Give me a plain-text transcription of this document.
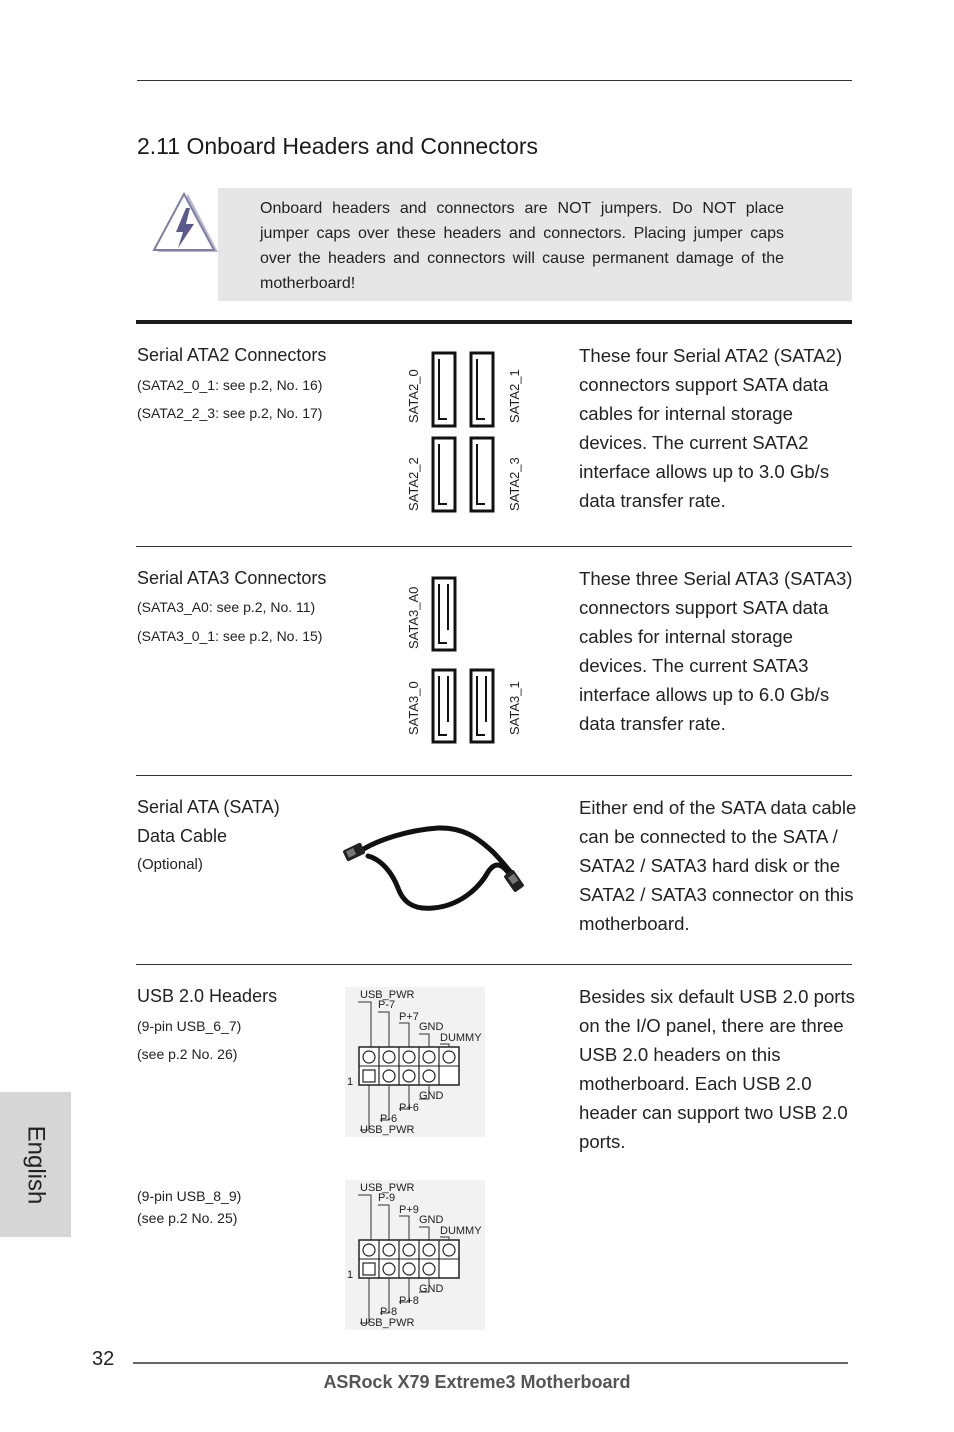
2.11 Onboard Headers and Connectors
Onboard headers and connectors are NOT jumpers. Do NOT place jumper caps over these headers and connectors. Placing jumper caps over the headers and connectors will cause permanent damage of the motherboard!
Serial ATA2 Connectors
(SATA2_0_1: see p.2, No. 16)
(SATA2_2_3: see p.2, No. 17)	SATA2_0	SATA2_1
SATA2_2	SATA2_3
These four Serial ATA2 (SATA2) connectors support SATA data cables for internal storage devices. The current SATA2 interface allows up to 3.0 Gb/s data transfer rate.
Serial ATA3 Connectors
(SATA3_A0: see p.2, No. 11)
(SATA3_0_1: see p.2, No. 15)	SATA3_A0
SATA3_0	SATA3_1
These three Serial ATA3 (SATA3) connectors support SATA data cables for internal storage devices. The current SATA3 interface allows up to 6.0 Gb/s data transfer rate.
Serial ATA (SATA)
Data Cable
(Optional)
Either end of the SATA data cable can be connected to the SATA / SATA2 / SATA3 hard disk or the SATA2 / SATA3 connector on this motherboard.
USB 2.0 Headers
(9-pin USB_6_7)
(see p.2 No. 26)
USB_PWR
P-7
P+7
GND
DUMMY
1
GND
P+6
P-6
USB_PWR
Besides six default USB 2.0 ports on the I/O panel, there are three USB 2.0 headers on this motherboard. Each USB 2.0 header can support two USB 2.0 ports.
(9-pin USB_8_9)
(see p.2 No. 25)
USB_PWR
P-9
P+9
GND
DUMMY
1
GND
P+8
P-8
USB_PWR
English
32
ASRock X79 Extreme3 Motherboard
